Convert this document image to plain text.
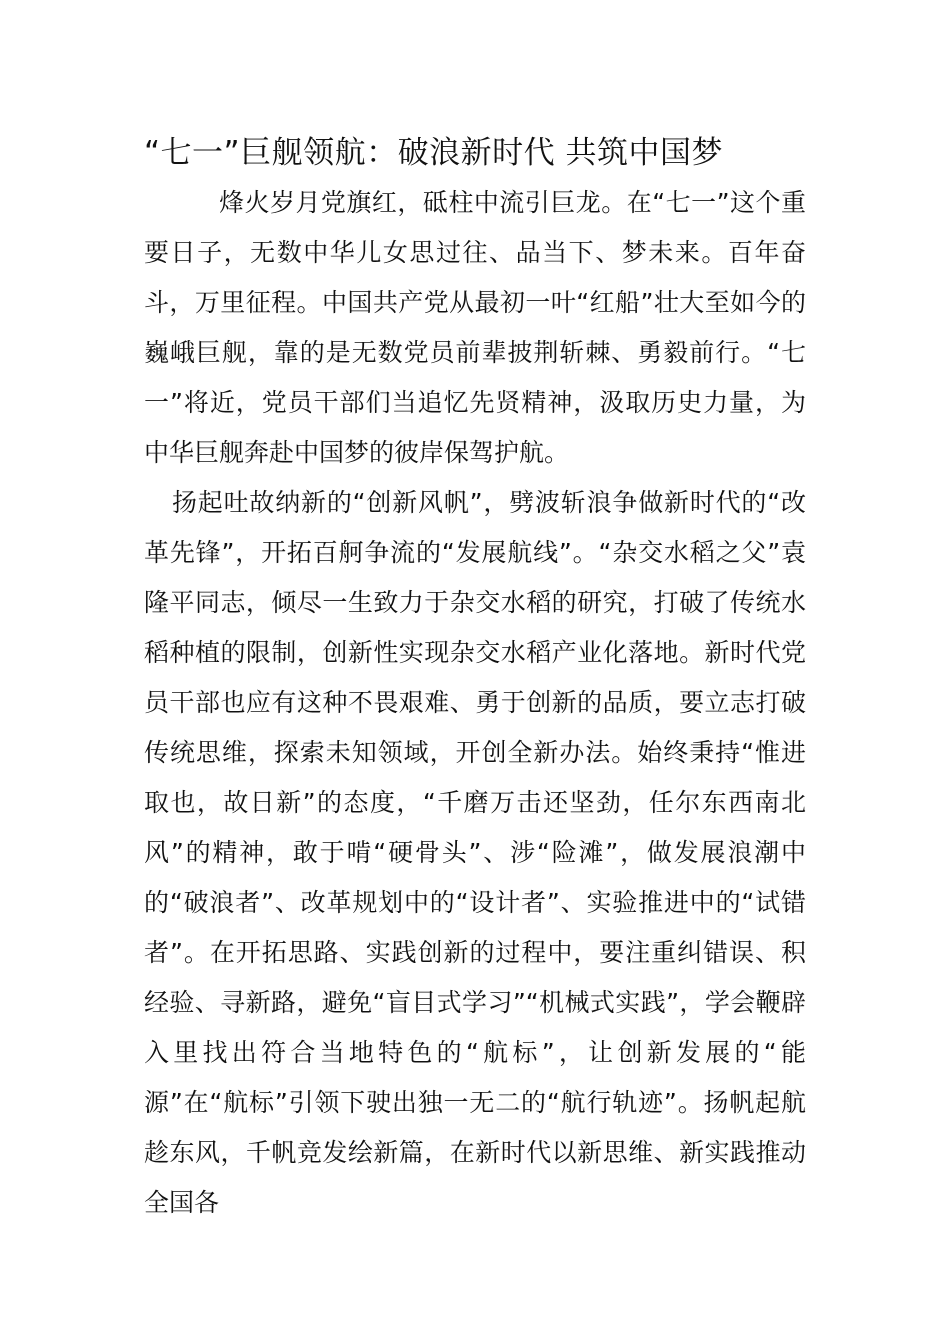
“七一”巨舰领航：破浪新时代 共筑中国梦

烽火岁月党旗红，砥柱中流引巨龙。在“七一”这个重要日子，无数中华儿女思过往、品当下、梦未来。百年奋斗，万里征程。中国共产党从最初一叶“红船”壮大至如今的巍峨巨舰，靠的是无数党员前辈披荆斩棘、勇毅前行。“七一”将近，党员干部们当追忆先贤精神，汲取历史力量，为中华巨舰奔赴中国梦的彼岸保驾护航。

扬起吐故纳新的“创新风帆”，劈波斩浪争做新时代的“改革先锋”，开拓百舸争流的“发展航线”。“杂交水稻之父”袁隆平同志，倾尽一生致力于杂交水稻的研究，打破了传统水稻种植的限制，创新性实现杂交水稻产业化落地。新时代党员干部也应有这种不畏艰难、勇于创新的品质，要立志打破传统思维，探索未知领域，开创全新办法。始终秉持“惟进取也，故日新”的态度，“千磨万击还坚劲，任尔东西南北风”的精神，敢于啃“硬骨头”、涉“险滩”，做发展浪潮中的“破浪者”、改革规划中的“设计者”、实验推进中的“试错者”。在开拓思路、实践创新的过程中，要注重纠错误、积经验、寻新路，避免“盲目式学习”“机械式实践”，学会鞭辟入里找出符合当地特色的“航标”，让创新发展的“能源”在“航标”引领下驶出独一无二的“航行轨迹”。扬帆起航趁东风，千帆竞发绘新篇，在新时代以新思维、新实践推动全国各
